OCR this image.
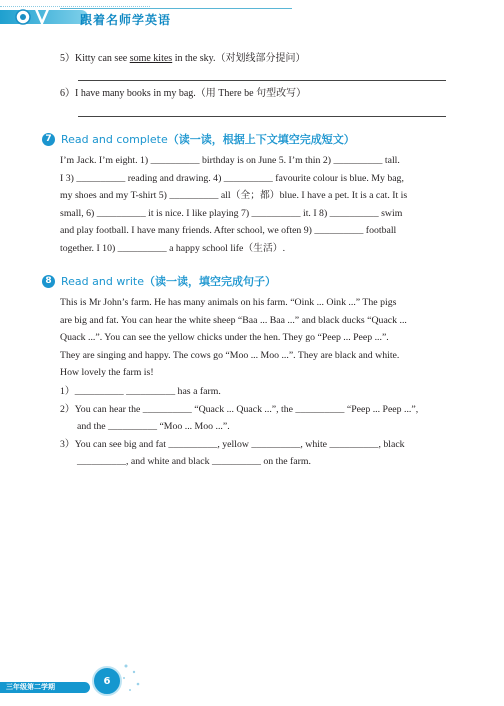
跟着名师学英语
5）Kitty can see some kites in the sky.（对划线部分提问）
6）I have many books in my bag.（用 There be 句型改写）
7 Read and complete（读一读，根据上下文填空完成短文）
I’m Jack. I’m eight. 1) __________ birthday is on June 5. I’m thin 2) __________ tall.
I 3) __________ reading and drawing. 4) __________ favourite colour is blue. My bag,
my shoes and my T-shirt 5) __________ all（全；都）blue. I have a pet. It is a cat. It is
small, 6) __________ it is nice. I like playing 7) __________ it. I 8) __________ swim
and play football. I have many friends. After school, we often 9) __________ football
together. I 10) __________ a happy school life（生活）.
8 Read and write（读一读，填空完成句子）
This is Mr John’s farm. He has many animals on his farm. “Oink ... Oink ...” The pigs
are big and fat. You can hear the white sheep “Baa ... Baa ...” and black ducks “Quack ...
Quack ...”. You can see the yellow chicks under the hen. They go “Peep ... Peep ...”.
They are singing and happy. The cows go “Moo ... Moo ...”. They are black and white.
How lovely the farm is!
1）__________ __________ has a farm.
2）You can hear the __________ “Quack ... Quack ...”, the __________ “Peep ... Peep ...”,
and the __________ “Moo ... Moo ...”.
3）You can see big and fat __________, yellow __________, white __________, black
__________, and white and black __________ on the farm.
三年级第二学期
6
